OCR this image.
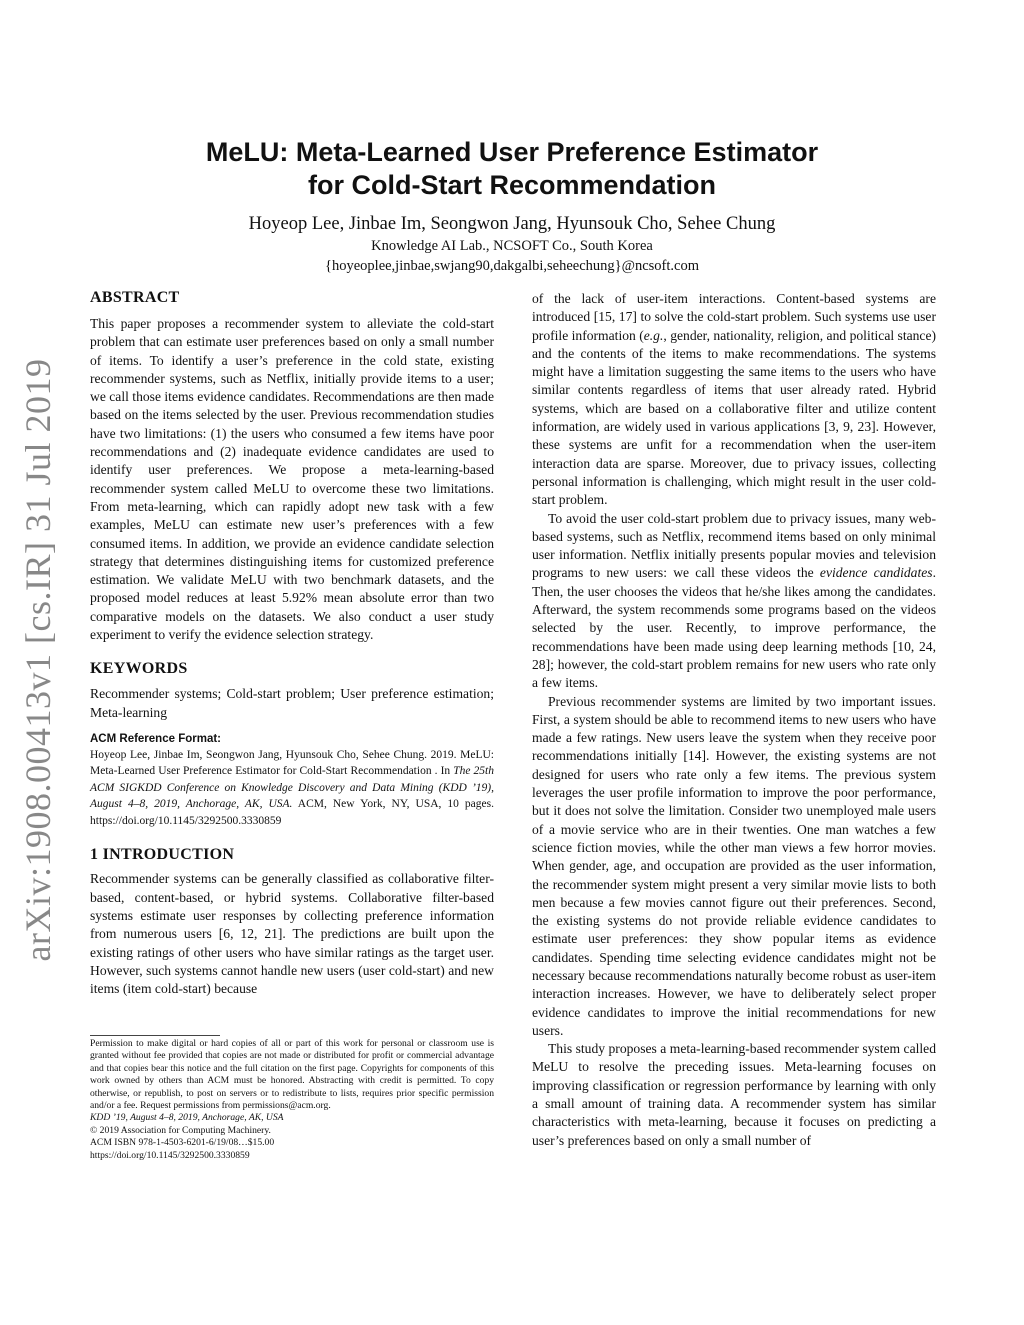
arXiv:1908.00413v1 [cs.IR] 31 Jul 2019
MeLU: Meta-Learned User Preference Estimator
for Cold-Start Recommendation
Hoyeop Lee, Jinbae Im, Seongwon Jang, Hyunsouk Cho, Sehee Chung
Knowledge AI Lab., NCSOFT Co., South Korea
{hoyeoplee,jinbae,swjang90,dakgalbi,seheechung}@ncsoft.com
ABSTRACT

This paper proposes a recommender system to alleviate the cold-start problem that can estimate user preferences based on only a small number of items. To identify a user’s preference in the cold state, existing recommender systems, such as Netflix, initially provide items to a user; we call those items evidence candidates. Recommendations are then made based on the items selected by the user. Previous recommendation studies have two limitations: (1) the users who consumed a few items have poor recommendations and (2) inadequate evidence candidates are used to identify user preferences. We propose a meta-learning-based recommender system called MeLU to overcome these two limitations. From meta-learning, which can rapidly adopt new task with a few examples, MeLU can estimate new user’s preferences with a few consumed items. In addition, we provide an evidence candidate selection strategy that determines distinguishing items for customized preference estimation. We validate MeLU with two benchmark datasets, and the proposed model reduces at least 5.92% mean absolute error than two comparative models on the datasets. We also conduct a user study experiment to verify the evidence selection strategy.

KEYWORDS

Recommender systems; Cold-start problem; User preference estimation; Meta-learning

ACM Reference Format:

Hoyeop Lee, Jinbae Im, Seongwon Jang, Hyunsouk Cho, Sehee Chung. 2019. MeLU: Meta-Learned User Preference Estimator for Cold-Start Recommendation . In The 25th ACM SIGKDD Conference on Knowledge Discovery and Data Mining (KDD ’19), August 4–8, 2019, Anchorage, AK, USA. ACM, New York, NY, USA, 10 pages. https://doi.org/10.1145/3292500.3330859

1 INTRODUCTION

Recommender systems can be generally classified as collaborative filter-based, content-based, or hybrid systems. Collaborative filter-based systems estimate user responses by collecting preference information from numerous users [6, 12, 21]. The predictions are built upon the existing ratings of other users who have similar ratings as the target user. However, such systems cannot handle new users (user cold-start) and new items (item cold-start) because

Permission to make digital or hard copies of all or part of this work for personal or classroom use is granted without fee provided that copies are not made or distributed for profit or commercial advantage and that copies bear this notice and the full citation on the first page. Copyrights for components of this work owned by others than ACM must be honored. Abstracting with credit is permitted. To copy otherwise, or republish, to post on servers or to redistribute to lists, requires prior specific permission and/or a fee. Request permissions from permissions@acm.org.

KDD ’19, August 4–8, 2019, Anchorage, AK, USA

© 2019 Association for Computing Machinery.

ACM ISBN 978-1-4503-6201-6/19/08…$15.00

https://doi.org/10.1145/3292500.3330859

of the lack of user-item interactions. Content-based systems are introduced [15, 17] to solve the cold-start problem. Such systems use user profile information (e.g., gender, nationality, religion, and political stance) and the contents of the items to make recommendations. The systems might have a limitation suggesting the same items to the users who have similar contents regardless of items that user already rated. Hybrid systems, which are based on a collaborative filter and utilize content information, are widely used in various applications [3, 9, 23]. However, these systems are unfit for a recommendation when the user-item interaction data are sparse. Moreover, due to privacy issues, collecting personal information is challenging, which might result in the user cold-start problem.

To avoid the user cold-start problem due to privacy issues, many web-based systems, such as Netflix, recommend items based on only minimal user information. Netflix initially presents popular movies and television programs to new users: we call these videos the evidence candidates. Then, the user chooses the videos that he/she likes among the candidates. Afterward, the system recommends some programs based on the videos selected by the user. Recently, to improve performance, the recommendations have been made using deep learning methods [10, 24, 28]; however, the cold-start problem remains for new users who rate only a few items.

Previous recommender systems are limited by two important issues. First, a system should be able to recommend items to new users who have made a few ratings. New users leave the system when they receive poor recommendations initially [14]. However, the existing systems are not designed for users who rate only a few items. The previous system leverages the user profile information to improve the poor performance, but it does not solve the limitation. Consider two unemployed male users of a movie service who are in their twenties. One man watches a few science fiction movies, while the other man views a few horror movies. When gender, age, and occupation are provided as the user information, the recommender system might present a very similar movie lists to both men because a few movies cannot figure out their preferences. Second, the existing systems do not provide reliable evidence candidates to estimate user preferences: they show popular items as evidence candidates. Spending time selecting evidence candidates might not be necessary because recommendations naturally become robust as user-item interaction increases. However, we have to deliberately select proper evidence candidates to improve the initial recommendations for new users.

This study proposes a meta-learning-based recommender system called MeLU to resolve the preceding issues. Meta-learning focuses on improving classification or regression performance by learning with only a small amount of training data. A recommender system has similar characteristics with meta-learning, because it focuses on predicting a user’s preferences based on only a small number of
